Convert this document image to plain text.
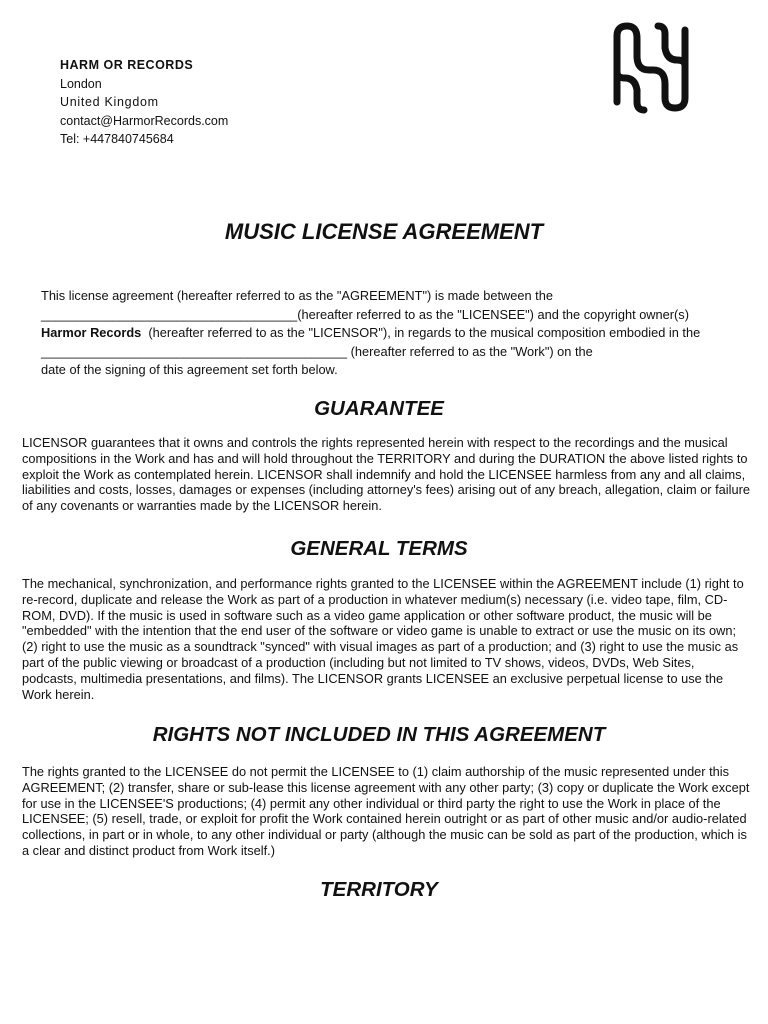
HARM OR RECORDS
London
United Kingdom
contact@HarmorRecords.com
Tel: +447840745684
MUSIC LICENSE AGREEMENT

This license agreement (hereafter referred to as the "AGREEMENT") is made between the
____________________________________(hereafter referred to as the "LICENSEE") and the copyright owner(s)
Harmor Records (hereafter referred to as the "LICENSOR"), in regards to the musical composition embodied in the
___________________________________________ (hereafter referred to as the "Work") on the
date of the signing of this agreement set forth below.

GUARANTEE

LICENSOR guarantees that it owns and controls the rights represented herein with respect to the recordings and the musical compositions in the Work and has and will hold throughout the TERRITORY and during the DURATION the above listed rights to exploit the Work as contemplated herein. LICENSOR shall indemnify and hold the LICENSEE harmless from any and all claims, liabilities and costs, losses, damages or expenses (including attorney's fees) arising out of any breach, allegation, claim or failure of any covenants or warranties made by the LICENSOR herein.

GENERAL TERMS

The mechanical, synchronization, and performance rights granted to the LICENSEE within the AGREEMENT include (1) right to re-record, duplicate and release the Work as part of a production in whatever medium(s) necessary (i.e. video tape, film, CD-ROM, DVD). If the music is used in software such as a video game application or other software product, the music will be "embedded" with the intention that the end user of the software or video game is unable to extract or use the music on its own; (2) right to use the music as a soundtrack "synced" with visual images as part of a production; and (3) right to use the music as part of the public viewing or broadcast of a production (including but not limited to TV shows, videos, DVDs, Web Sites, podcasts, multimedia presentations, and films). The LICENSOR grants LICENSEE an exclusive perpetual license to use the Work herein.

RIGHTS NOT INCLUDED IN THIS AGREEMENT

The rights granted to the LICENSEE do not permit the LICENSEE to (1) claim authorship of the music represented under this AGREEMENT; (2) transfer, share or sub-lease this license agreement with any other party; (3) copy or duplicate the Work except for use in the LICENSEE'S productions; (4) permit any other individual or third party the right to use the Work in place of the LICENSEE; (5) resell, trade, or exploit for profit the Work contained herein outright or as part of other music and/or audio-related collections, in part or in whole, to any other individual or party (although the music can be sold as part of the production, which is a clear and distinct product from Work itself.)

TERRITORY
